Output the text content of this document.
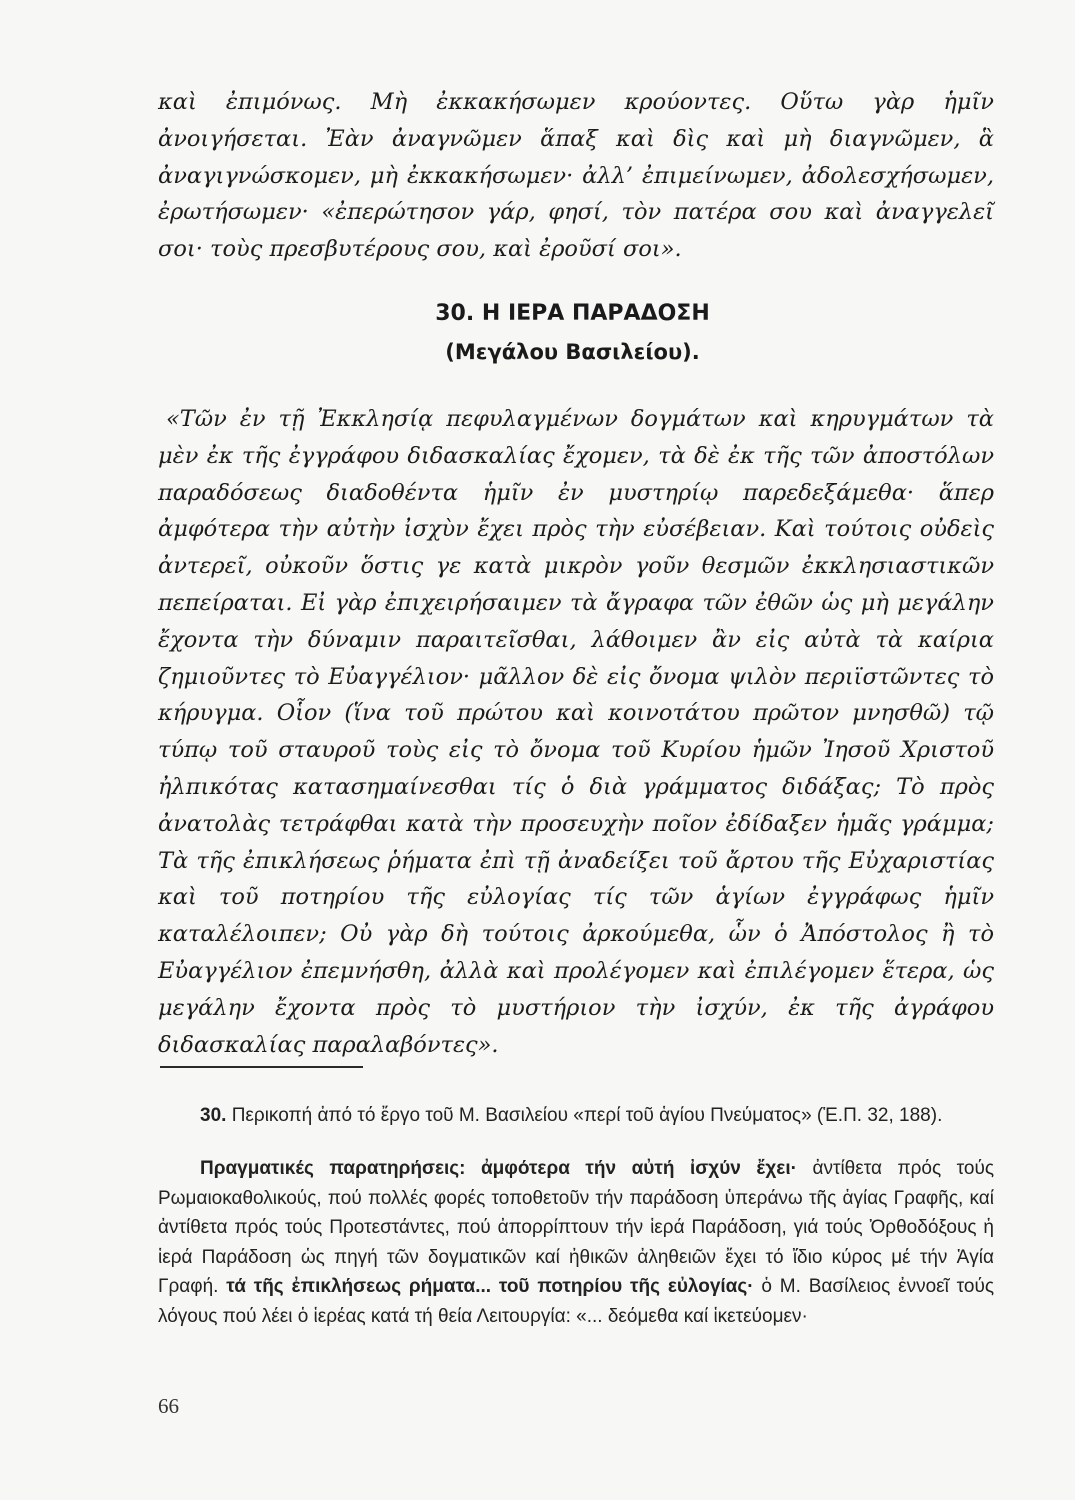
καὶ ἐπιμόνως. Μὴ ἐκκακήσωμεν κρούοντες. Οὕτω γὰρ ἡμῖν ἀνοιγήσεται. Ἐὰν ἀναγνῶμεν ἅπαξ καὶ δὶς καὶ μὴ διαγνῶμεν, ἃ ἀναγιγνώσκομεν, μὴ ἐκκακήσωμεν· ἀλλ’ ἐπιμείνωμεν, ἀδολεσχήσωμεν, ἐρωτήσωμεν· «ἐπερώτησον γάρ, φησί, τὸν πατέρα σου καὶ ἀναγγελεῖ σοι· τοὺς πρεσβυτέρους σου, καὶ ἐροῦσί σοι».

30. Η ΙΕΡΑ ΠΑΡΑΔΟΣΗ
(Μεγάλου Βασιλείου).

«Τῶν ἐν τῇ Ἐκκλησίᾳ πεφυλαγμένων δογμάτων καὶ κηρυγμάτων τὰ μὲν ἐκ τῆς ἐγγράφου διδασκαλίας ἔχομεν, τὰ δὲ ἐκ τῆς τῶν ἀποστόλων παραδόσεως διαδοθέντα ἡμῖν ἐν μυστηρίῳ παρεδεξάμεθα· ἅπερ ἀμφότερα τὴν αὐτὴν ἰσχὺν ἔχει πρὸς τὴν εὐσέβειαν. Καὶ τούτοις οὐδεὶς ἀντερεῖ, οὐκοῦν ὅστις γε κατὰ μικρὸν γοῦν θεσμῶν ἐκκλησιαστικῶν πεπείραται. Εἰ γὰρ ἐπιχειρήσαιμεν τὰ ἄγραφα τῶν ἐθῶν ὡς μὴ μεγάλην ἔχοντα τὴν δύναμιν παραιτεῖσθαι, λάθοιμεν ἂν εἰς αὐτὰ τὰ καίρια ζημιοῦντες τὸ Εὐαγγέλιον· μᾶλλον δὲ εἰς ὄνομα ψιλὸν περιϊστῶντες τὸ κήρυγμα. Οἷον (ἵνα τοῦ πρώτου καὶ κοινοτάτου πρῶτον μνησθῶ) τῷ τύπῳ τοῦ σταυροῦ τοὺς εἰς τὸ ὄνομα τοῦ Κυρίου ἡμῶν Ἰησοῦ Χριστοῦ ἠλπικότας κατασημαίνεσθαι τίς ὁ διὰ γράμματος διδάξας; Τὸ πρὸς ἀνατολὰς τετράφθαι κατὰ τὴν προσευχὴν ποῖον ἐδίδαξεν ἡμᾶς γράμμα; Τὰ τῆς ἐπικλήσεως ῥήματα ἐπὶ τῇ ἀναδείξει τοῦ ἄρτου τῆς Εὐχαριστίας καὶ τοῦ ποτηρίου τῆς εὐλογίας τίς τῶν ἁγίων ἐγγράφως ἡμῖν καταλέλοιπεν; Οὐ γὰρ δὴ τούτοις ἀρκούμεθα, ὧν ὁ Ἀπόστολος ἢ τὸ Εὐαγγέλιον ἐπεμνήσθη, ἀλλὰ καὶ προλέγομεν καὶ ἐπιλέγομεν ἕτερα, ὡς μεγάλην ἔχοντα πρὸς τὸ μυστήριον τὴν ἰσχύν, ἐκ τῆς ἀγράφου διδασκαλίας παραλαβόντες».

30. Περικοπή ἀπό τό ἔργο τοῦ Μ. Βασιλείου «περί τοῦ ἁγίου Πνεύματος» (Ἑ.Π. 32, 188).

Πραγματικές παρατηρήσεις: ἀμφότερα τήν αὐτή ἰσχύν ἔχει· ἀντίθετα πρός τούς Ρωμαιοκαθολικούς, πού πολλές φορές τοποθετοῦν τήν παράδοση ὑπεράνω τῆς ἁγίας Γραφῆς, καί ἀντίθετα πρός τούς Προτεστάντες, πού ἀπορρίπτουν τήν ἱερά Παράδοση, γιά τούς Ὀρθοδόξους ἡ ἱερά Παράδοση ὡς πηγή τῶν δογματικῶν καί ἠθικῶν ἀληθειῶν ἔχει τό ἴδιο κύρος μέ τήν Ἁγία Γραφή. τά τῆς ἐπικλήσεως ρήματα... τοῦ ποτηρίου τῆς εὐλογίας· ὁ Μ. Βασίλειος ἐννοεῖ τούς λόγους πού λέει ὁ ἱερέας κατά τή θεία Λειτουργία: «... δεόμεθα καί ἱκετεύομεν·

66
